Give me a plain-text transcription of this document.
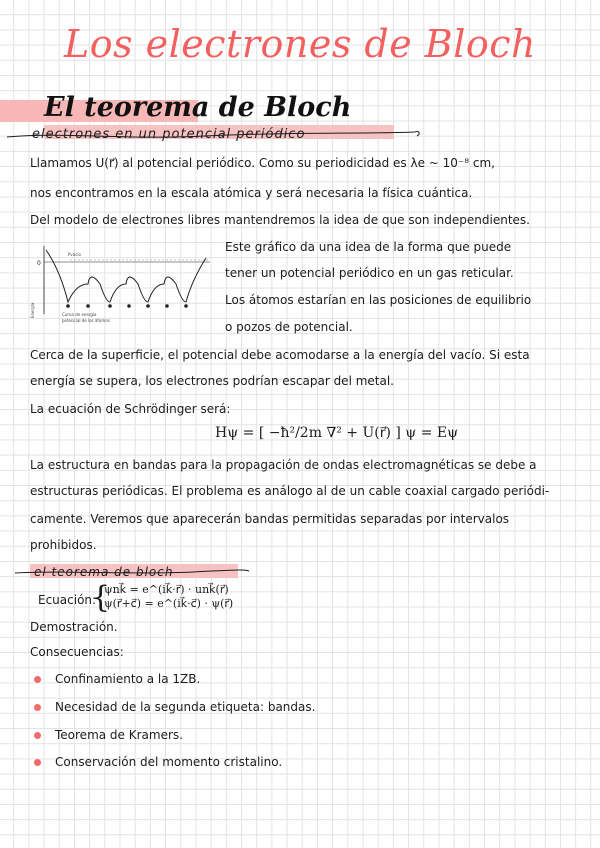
Los electrones de Bloch
El teorema de Bloch
electrones en un potencial periódico
Llamamos U(r⃗) al potencial periódico. Como su periodicidad es λe ~ 10⁻⁸ cm,
nos encontramos en la escala atómica y será necesaria la física cuántica.
Del modelo de electrones libres mantendremos la idea de que son independientes.
0
Pvacío
Energía	Curva de energía
potencial de los átomos
Este gráfico da una idea de la forma que puede
tener un potencial periódico en un gas reticular.
Los átomos estarían en las posiciones de equilibrio
o pozos de potencial.
Cerca de la superficie, el potencial debe acomodarse a la energía del vacío. Si esta
energía se supera, los electrones podrían escapar del metal.
La ecuación de Schrödinger será:
Hψ = [ −ħ²/2m ∇² + U(r⃗) ] ψ = Eψ
La estructura en bandas para la propagación de ondas electromagnéticas se debe a
estructuras periódicas. El problema es análogo al de un cable coaxial cargado periódi-
camente. Veremos que aparecerán bandas permitidas separadas por intervalos
prohibidos.
el teorema de bloch
Ecuación:
{
ψnk⃗ = e^(ik⃗·r⃗) · unk⃗(r⃗)
ψ(r⃗+c⃗) = e^(ik⃗·c⃗) · ψ(r⃗)
Demostración.
Consecuencias:
Confinamiento a la 1ZB.
Necesidad de la segunda etiqueta: bandas.
Teorema de Kramers.
Conservación del momento cristalino.
